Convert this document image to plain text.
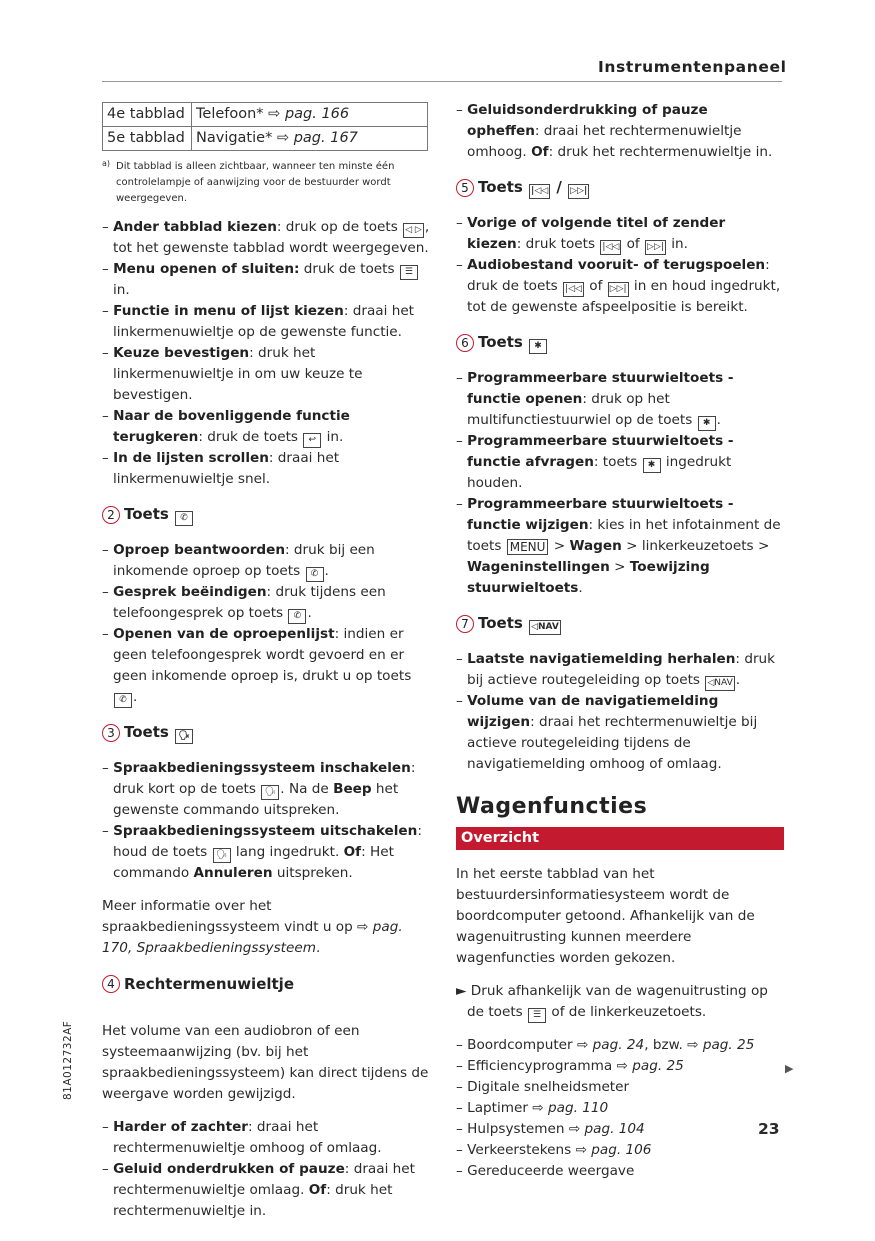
Instrumentenpaneel
4e tabblad	Telefoon* ⇨ pag. 166
5e tabblad	Navigatie* ⇨ pag. 167
a) Dit tabblad is alleen zichtbaar, wanneer ten minste één controlelampje of aanwijzing voor de bestuurder wordt weergegeven.

– Ander tabblad kiezen: druk op de toets ◁ ▷ , tot het gewenste tabblad wordt weergegeven.

– Menu openen of sluiten: druk de toets ☰ in.

– Functie in menu of lijst kiezen: draai het linkermenuwieltje op de gewenste functie.

– Keuze bevestigen: druk het linkermenuwieltje in om uw keuze te bevestigen.

– Naar de bovenliggende functie terugkeren: druk de toets ↩ in.

– In de lijsten scrollen: draai het linkermenuwieltje snel.

2 Toets ✆

– Oproep beantwoorden: druk bij een inkomende oproep op toets ✆ .

– Gesprek beëindigen: druk tijdens een telefoongesprek op toets ✆ .

– Openen van de oproepenlijst: indien er geen telefoongesprek wordt gevoerd en er geen inkomende oproep is, drukt u op toets ✆ .

3 Toets 🗣

– Spraakbedieningssysteem inschakelen: druk kort op de toets 🗣 . Na de Beep het gewenste commando uitspreken.

– Spraakbedieningssysteem uitschakelen: houd de toets 🗣 lang ingedrukt. Of: Het commando Annuleren uitspreken.

Meer informatie over het spraakbedieningssysteem vindt u op ⇨ pag. 170, Spraakbedieningssysteem.

4 Rechtermenuwieltje

Het volume van een audiobron of een systeemaanwijzing (bv. bij het spraakbedieningssysteem) kan direct tijdens de weergave worden gewijzigd.

– Harder of zachter: draai het rechtermenuwieltje omhoog of omlaag.

– Geluid onderdrukken of pauze: draai het rechtermenuwieltje omlaag. Of: druk het rechtermenuwieltje in.

– Geluidsonderdrukking of pauze opheffen: draai het rechtermenuwieltje omhoog. Of: druk het rechtermenuwieltje in.

5 Toets |◁◁ / ▷▷|

– Vorige of volgende titel of zender kiezen: druk toets |◁◁ of ▷▷| in.

– Audiobestand vooruit- of terugspoelen: druk de toets |◁◁ of ▷▷| in en houd ingedrukt, tot de gewenste afspeelpositie is bereikt.

6 Toets ✱

– Programmeerbare stuurwieltoets - functie openen: druk op het multifunctiestuurwiel op de toets ✱ .

– Programmeerbare stuurwieltoets - functie afvragen: toets ✱ ingedrukt houden.

– Programmeerbare stuurwieltoets - functie wijzigen: kies in het infotainment de toets MENU > Wagen > linkerkeuzetoets > Wageninstellingen > Toewijzing stuurwieltoets.

7 Toets ◁NAV

– Laatste navigatiemelding herhalen: druk bij actieve routegeleiding op toets ◁NAV .

– Volume van de navigatiemelding wijzigen: draai het rechtermenuwieltje bij actieve routegeleiding tijdens de navigatiemelding omhoog of omlaag.

Wagenfuncties
Overzicht

In het eerste tabblad van het bestuurdersinformatiesysteem wordt de boordcomputer getoond. Afhankelijk van de wagenuitrusting kunnen meerdere wagenfuncties worden gekozen.

► Druk afhankelijk van de wagenuitrusting op de toets ☰ of de linkerkeuzetoets.

– Boordcomputer ⇨ pag. 24, bzw. ⇨ pag. 25

– Efficiencyprogramma ⇨ pag. 25

– Digitale snelheidsmeter

– Laptimer ⇨ pag. 110

– Hulpsystemen ⇨ pag. 104

– Verkeerstekens ⇨ pag. 106

– Gereduceerde weergave

81A012732AF	▶
23
